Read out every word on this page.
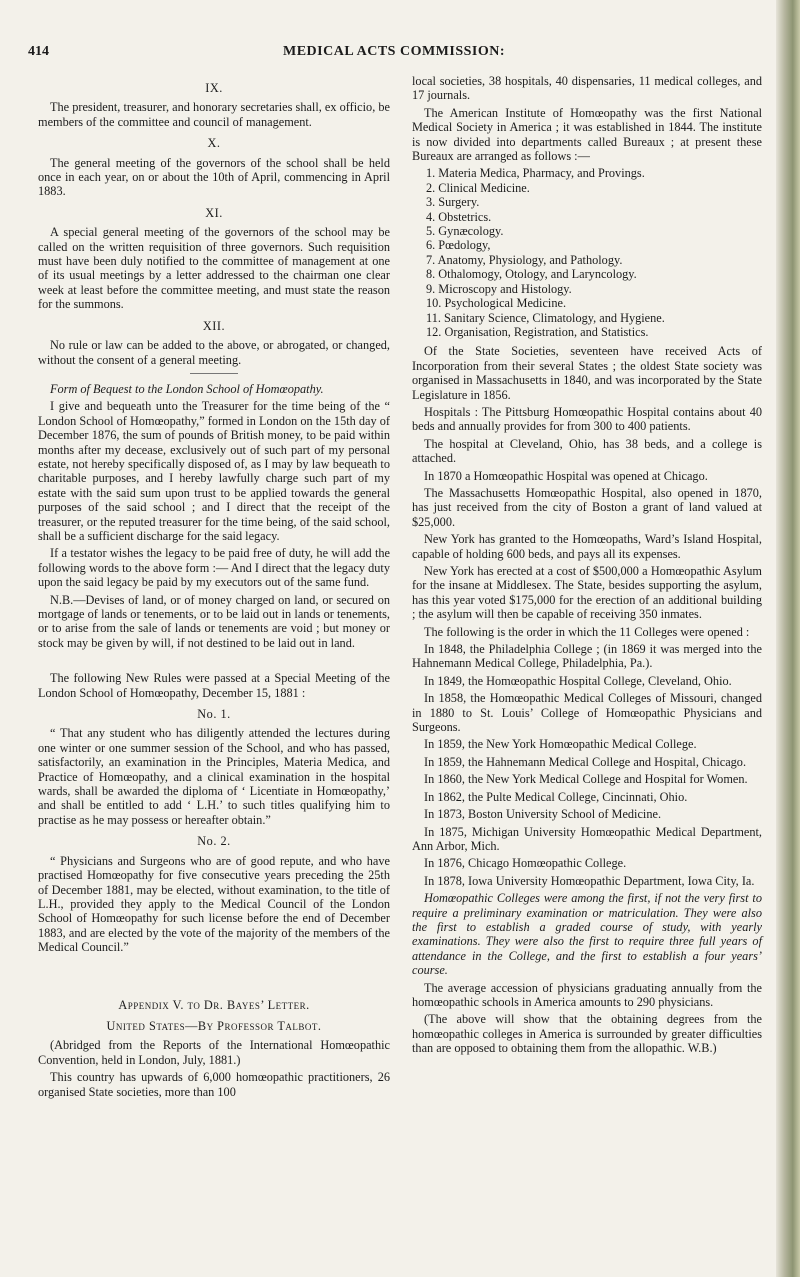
414	MEDICAL ACTS COMMISSION:
IX.

The president, treasurer, and honorary secretaries shall, ex officio, be members of the committee and council of management.

X.

The general meeting of the governors of the school shall be held once in each year, on or about the 10th of April, commencing in April 1883.

XI.

A special general meeting of the governors of the school may be called on the written requisition of three governors. Such requisition must have been duly notified to the committee of management at one of its usual meetings by a letter addressed to the chairman one clear week at least before the committee meeting, and must state the reason for the summons.

XII.

No rule or law can be added to the above, or abrogated, or changed, without the consent of a general meeting.

Form of Bequest to the London School of Homœopathy.

I give and bequeath unto the Treasurer for the time being of the “ London School of Homœopathy,” formed in London on the 15th day of December 1876, the sum of pounds of British money, to be paid within months after my decease, exclusively out of such part of my personal estate, not hereby specifically disposed of, as I may by law bequeath to charitable purposes, and I hereby lawfully charge such part of my estate with the said sum upon trust to be applied towards the general purposes of the said school ; and I direct that the receipt of the treasurer, or the reputed treasurer for the time being, of the said school, shall be a sufficient discharge for the said legacy.

If a testator wishes the legacy to be paid free of duty, he will add the following words to the above form :— And I direct that the legacy duty upon the said legacy be paid by my executors out of the same fund.

N.B.—Devises of land, or of money charged on land, or secured on mortgage of lands or tenements, or to be laid out in lands or tenements, or to arise from the sale of lands or tenements are void ; but money or stock may be given by will, if not destined to be laid out in land.

The following New Rules were passed at a Special Meeting of the London School of Homœopathy, December 15, 1881 :

No. 1.

“ That any student who has diligently attended the lectures during one winter or one summer session of the School, and who has passed, satisfactorily, an examination in the Principles, Materia Medica, and Practice of Homœopathy, and a clinical examination in the hospital wards, shall be awarded the diploma of ‘ Licentiate in Homœopathy,’ and shall be entitled to add ‘ L.H.’ to such titles qualifying him to practise as he may possess or hereafter obtain.”

No. 2.

“ Physicians and Surgeons who are of good repute, and who have practised Homœopathy for five consecutive years preceding the 25th of December 1881, may be elected, without examination, to the title of L.H., provided they apply to the Medical Council of the London School of Homœopathy for such license before the end of December 1883, and are elected by the vote of the majority of the members of the Medical Council.”

Appendix V. to Dr. Bayes’ Letter.
United States—By Professor Talbot.

(Abridged from the Reports of the International Homœopathic Convention, held in London, July, 1881.)

This country has upwards of 6,000 homœopathic practitioners, 26 organised State societies, more than 100

local societies, 38 hospitals, 40 dispensaries, 11 medical colleges, and 17 journals.

The American Institute of Homœopathy was the first National Medical Society in America ; it was established in 1844. The institute is now divided into departments called Bureaux ; at present these Bureaux are arranged as follows :—

1. Materia Medica, Pharmacy, and Provings.
2. Clinical Medicine.
3. Surgery.
4. Obstetrics.
5. Gynæcology.
6. Pœdology,
7. Anatomy, Physiology, and Pathology.
8. Othalomogy, Otology, and Laryncology.
9. Microscopy and Histology.
10. Psychological Medicine.
11. Sanitary Science, Climatology, and Hygiene.
12. Organisation, Registration, and Statistics.

Of the State Societies, seventeen have received Acts of Incorporation from their several States ; the oldest State society was organised in Massachusetts in 1840, and was incorporated by the State Legislature in 1856.

Hospitals : The Pittsburg Homœopathic Hospital contains about 40 beds and annually provides for from 300 to 400 patients.

The hospital at Cleveland, Ohio, has 38 beds, and a college is attached.

In 1870 a Homœopathic Hospital was opened at Chicago.

The Massachusetts Homœopathic Hospital, also opened in 1870, has just received from the city of Boston a grant of land valued at $25,000.

New York has granted to the Homœopaths, Ward’s Island Hospital, capable of holding 600 beds, and pays all its expenses.

New York has erected at a cost of $500,000 a Homœopathic Asylum for the insane at Middlesex. The State, besides supporting the asylum, has this year voted $175,000 for the erection of an additional building ; the asylum will then be capable of receiving 350 inmates.

The following is the order in which the 11 Colleges were opened :

In 1848, the Philadelphia College ; (in 1869 it was merged into the Hahnemann Medical College, Philadelphia, Pa.).

In 1849, the Homœopathic Hospital College, Cleveland, Ohio.

In 1858, the Homœopathic Medical Colleges of Missouri, changed in 1880 to St. Louis’ College of Homœopathic Physicians and Surgeons.

In 1859, the New York Homœopathic Medical College.

In 1859, the Hahnemann Medical College and Hospital, Chicago.

In 1860, the New York Medical College and Hospital for Women.

In 1862, the Pulte Medical College, Cincinnati, Ohio.

In 1873, Boston University School of Medicine.

In 1875, Michigan University Homœopathic Medical Department, Ann Arbor, Mich.

In 1876, Chicago Homœopathic College.

In 1878, Iowa University Homœopathic Department, Iowa City, Ia.

Homœopathic Colleges were among the first, if not the very first to require a preliminary examination or matriculation. They were also the first to establish a graded course of study, with yearly examinations. They were also the first to require three full years of attendance in the College, and the first to establish a four years’ course.

The average accession of physicians graduating annually from the homœopathic schools in America amounts to 290 physicians.

(The above will show that the obtaining degrees from the homœopathic colleges in America is surrounded by greater difficulties than are opposed to obtaining them from the allopathic. W.B.)
